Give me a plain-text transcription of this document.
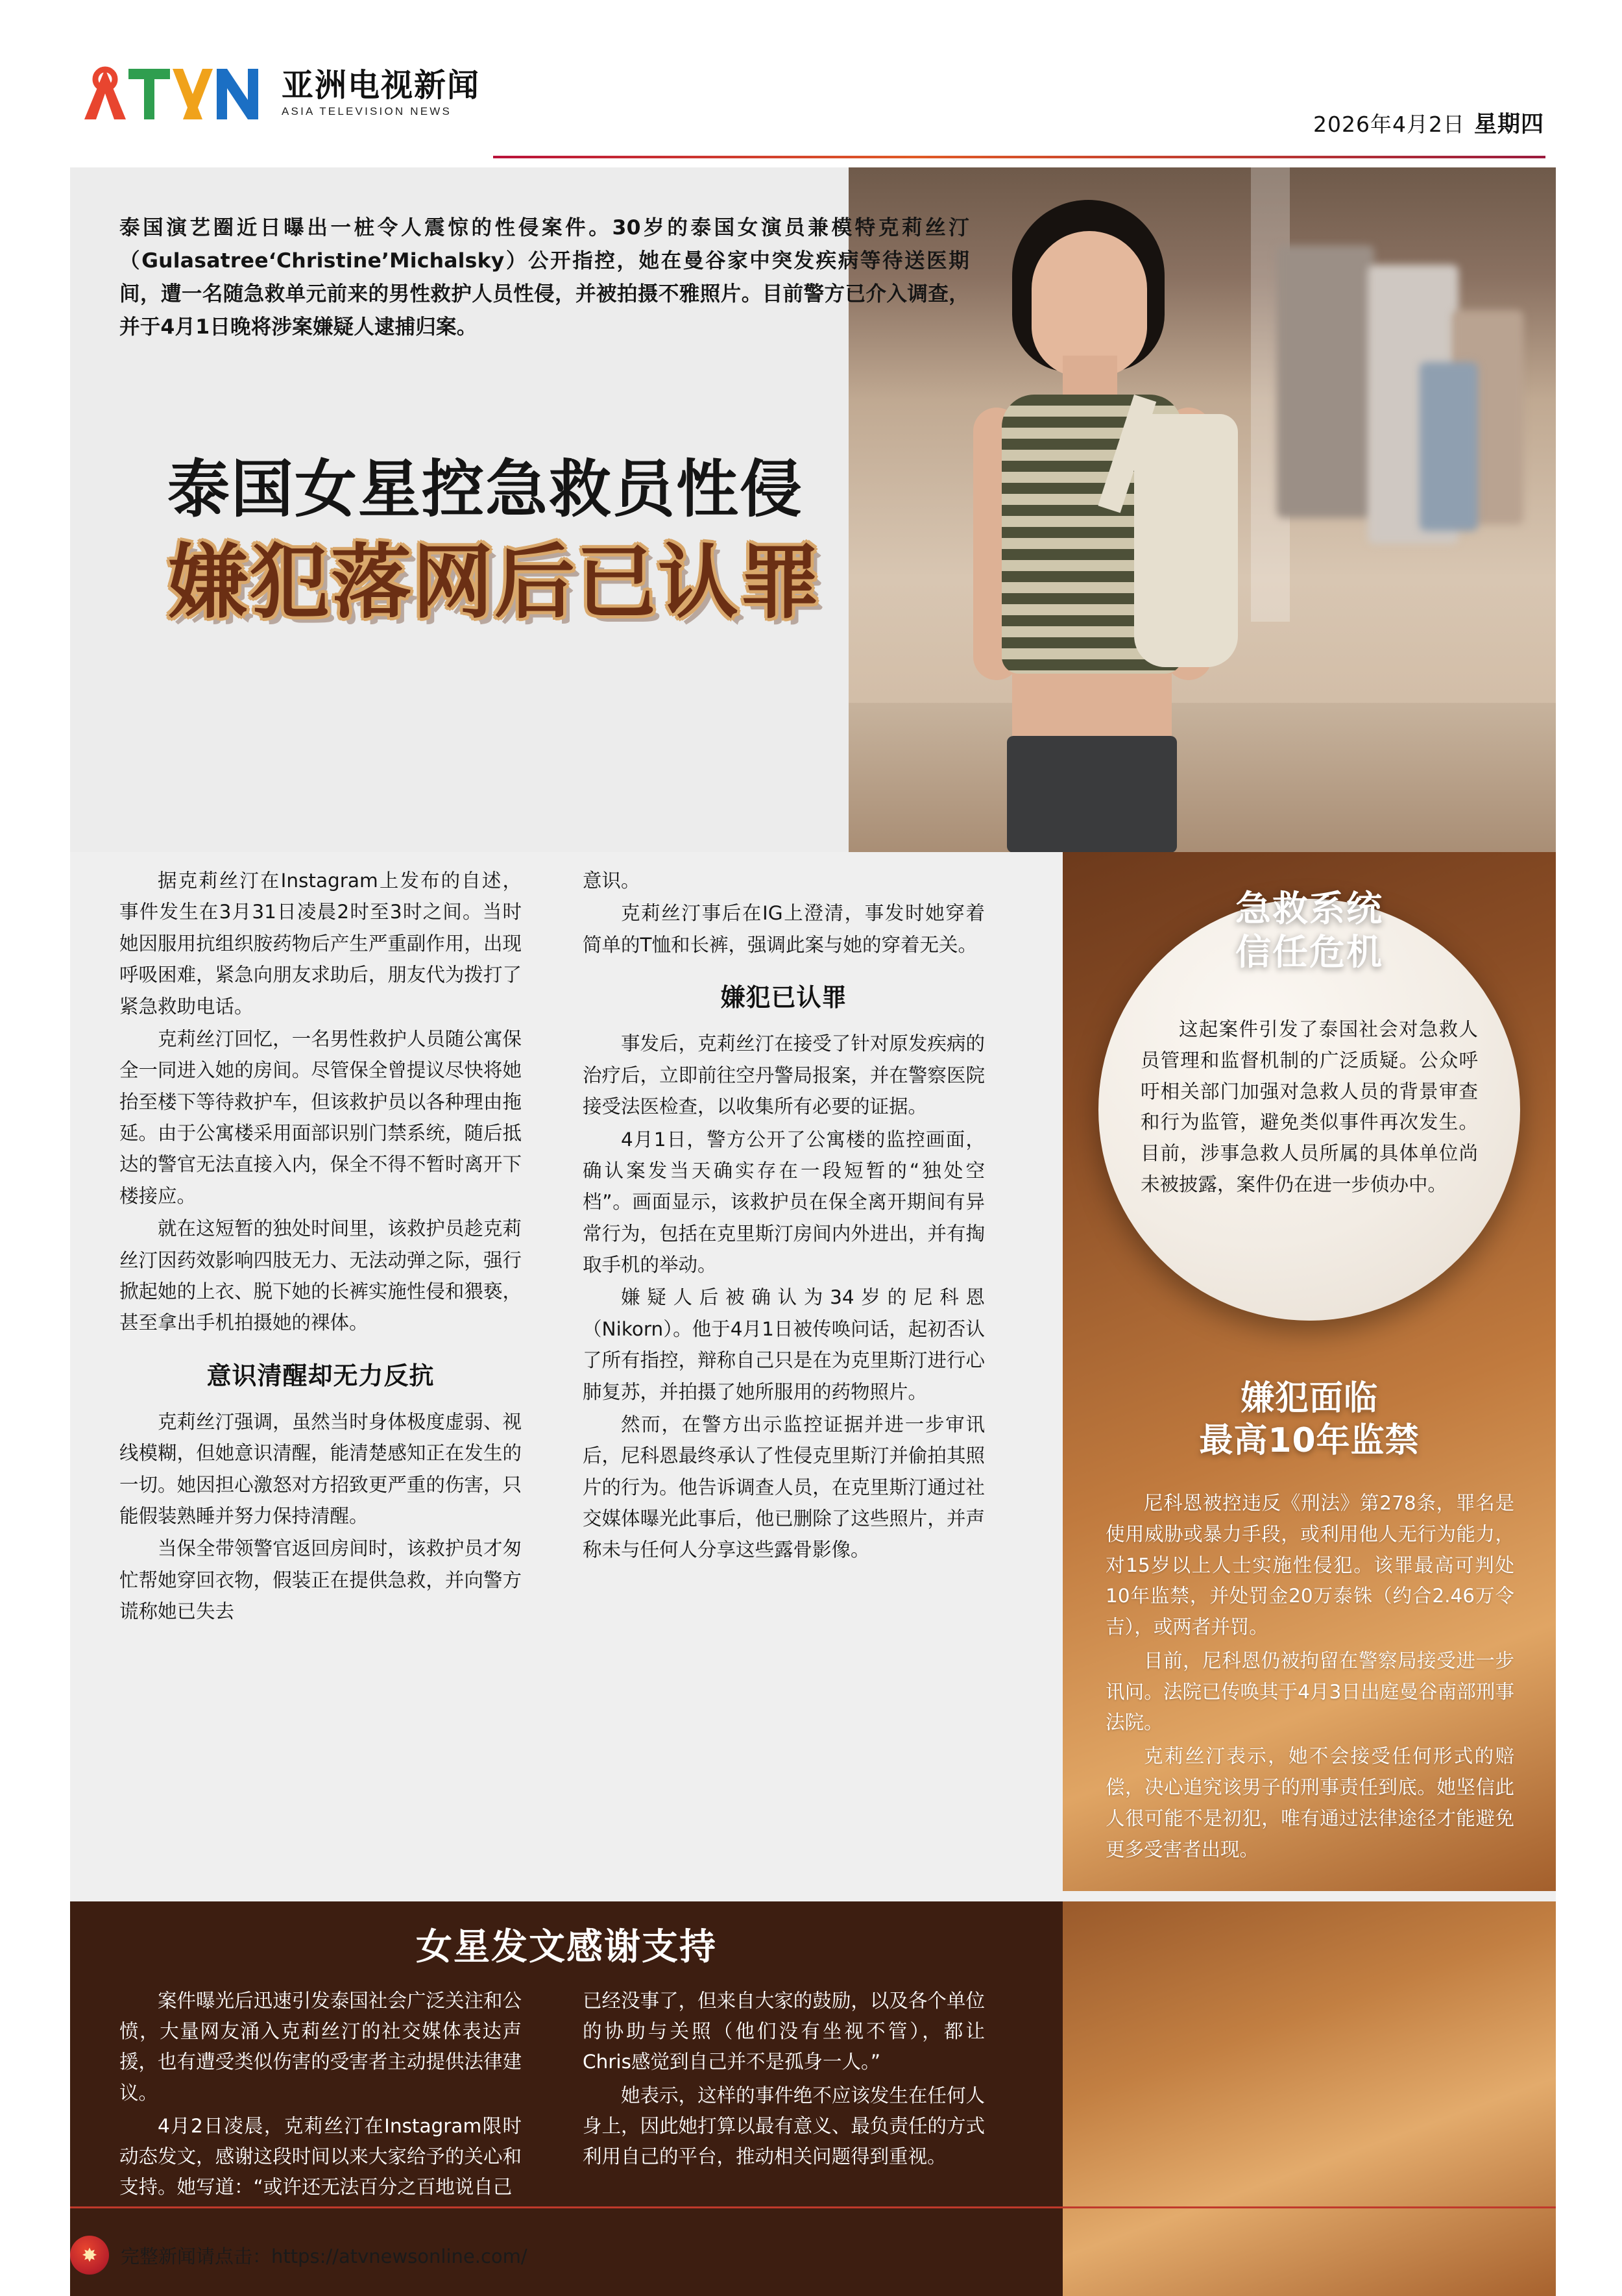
亚洲电视新闻
ASIA TELEVISION NEWS
2026年4月2日 星期四
泰国演艺圈近日曝出一桩令人震惊的性侵案件。30岁的泰国女演员兼模特克莉丝汀（Gulasatree‘Christine’Michalsky）公开指控，她在曼谷家中突发疾病等待送医期间，遭一名随急救单元前来的男性救护人员性侵，并被拍摄不雅照片。目前警方已介入调查，并于4月1日晚将涉案嫌疑人逮捕归案。
泰国女星控急救员性侵
嫌犯落网后已认罪

据克莉丝汀在Instagram上发布的自述，事件发生在3月31日凌晨2时至3时之间。当时她因服用抗组织胺药物后产生严重副作用，出现呼吸困难，紧急向朋友求助后，朋友代为拨打了紧急救助电话。

克莉丝汀回忆，一名男性救护人员随公寓保全一同进入她的房间。尽管保全曾提议尽快将她抬至楼下等待救护车，但该救护员以各种理由拖延。由于公寓楼采用面部识别门禁系统，随后抵达的警官无法直接入内，保全不得不暂时离开下楼接应。

就在这短暂的独处时间里，该救护员趁克莉丝汀因药效影响四肢无力、无法动弹之际，强行掀起她的上衣、脱下她的长裤实施性侵和猥亵，甚至拿出手机拍摄她的裸体。

意识清醒却无力反抗

克莉丝汀强调，虽然当时身体极度虚弱、视线模糊，但她意识清醒，能清楚感知正在发生的一切。她因担心激怒对方招致更严重的伤害，只能假装熟睡并努力保持清醒。

当保全带领警官返回房间时，该救护员才匆忙帮她穿回衣物，假装正在提供急救，并向警方谎称她已失去

意识。

克莉丝汀事后在IG上澄清，事发时她穿着简单的T恤和长裤，强调此案与她的穿着无关。

嫌犯已认罪

事发后，克莉丝汀在接受了针对原发疾病的治疗后，立即前往空丹警局报案，并在警察医院接受法医检查，以收集所有必要的证据。

4月1日，警方公开了公寓楼的监控画面，确认案发当天确实存在一段短暂的“独处空档”。画面显示，该救护员在保全离开期间有异常行为，包括在克里斯汀房间内外进出，并有掏取手机的举动。

嫌疑人后被确认为34岁的尼科恩（Nikorn）。他于4月1日被传唤问话，起初否认了所有指控，辩称自己只是在为克里斯汀进行心肺复苏，并拍摄了她所服用的药物照片。

然而，在警方出示监控证据并进一步审讯后，尼科恩最终承认了性侵克里斯汀并偷拍其照片的行为。他告诉调查人员，在克里斯汀通过社交媒体曝光此事后，他已删除了这些照片，并声称未与任何人分享这些露骨影像。

急救系统
信任危机

这起案件引发了泰国社会对急救人员管理和监督机制的广泛质疑。公众呼吁相关部门加强对急救人员的背景审查和行为监管，避免类似事件再次发生。目前，涉事急救人员所属的具体单位尚未被披露，案件仍在进一步侦办中。

嫌犯面临
最高10年监禁

尼科恩被控违反《刑法》第278条，罪名是使用威胁或暴力手段，或利用他人无行为能力，对15岁以上人士实施性侵犯。该罪最高可判处10年监禁，并处罚金20万泰铢（约合2.46万令吉），或两者并罚。

目前，尼科恩仍被拘留在警察局接受进一步讯问。法院已传唤其于4月3日出庭曼谷南部刑事法院。

克莉丝汀表示，她不会接受任何形式的赔偿，决心追究该男子的刑事责任到底。她坚信此人很可能不是初犯，唯有通过法律途径才能避免更多受害者出现。

女星发文感谢支持

案件曝光后迅速引发泰国社会广泛关注和公愤，大量网友涌入克莉丝汀的社交媒体表达声援，也有遭受类似伤害的受害者主动提供法律建议。

4月2日凌晨，克莉丝汀在Instagram限时动态发文，感谢这段时间以来大家给予的关心和支持。她写道：“或许还无法百分之百地说自己

已经没事了，但来自大家的鼓励，以及各个单位的协助与关照（他们没有坐视不管），都让Chris感觉到自己并不是孤身一人。”

她表示，这样的事件绝不应该发生在任何人身上，因此她打算以最有意义、最负责任的方式利用自己的平台，推动相关问题得到重视。

✸	完整新闻请点击：https://atvnewsonline.com/
